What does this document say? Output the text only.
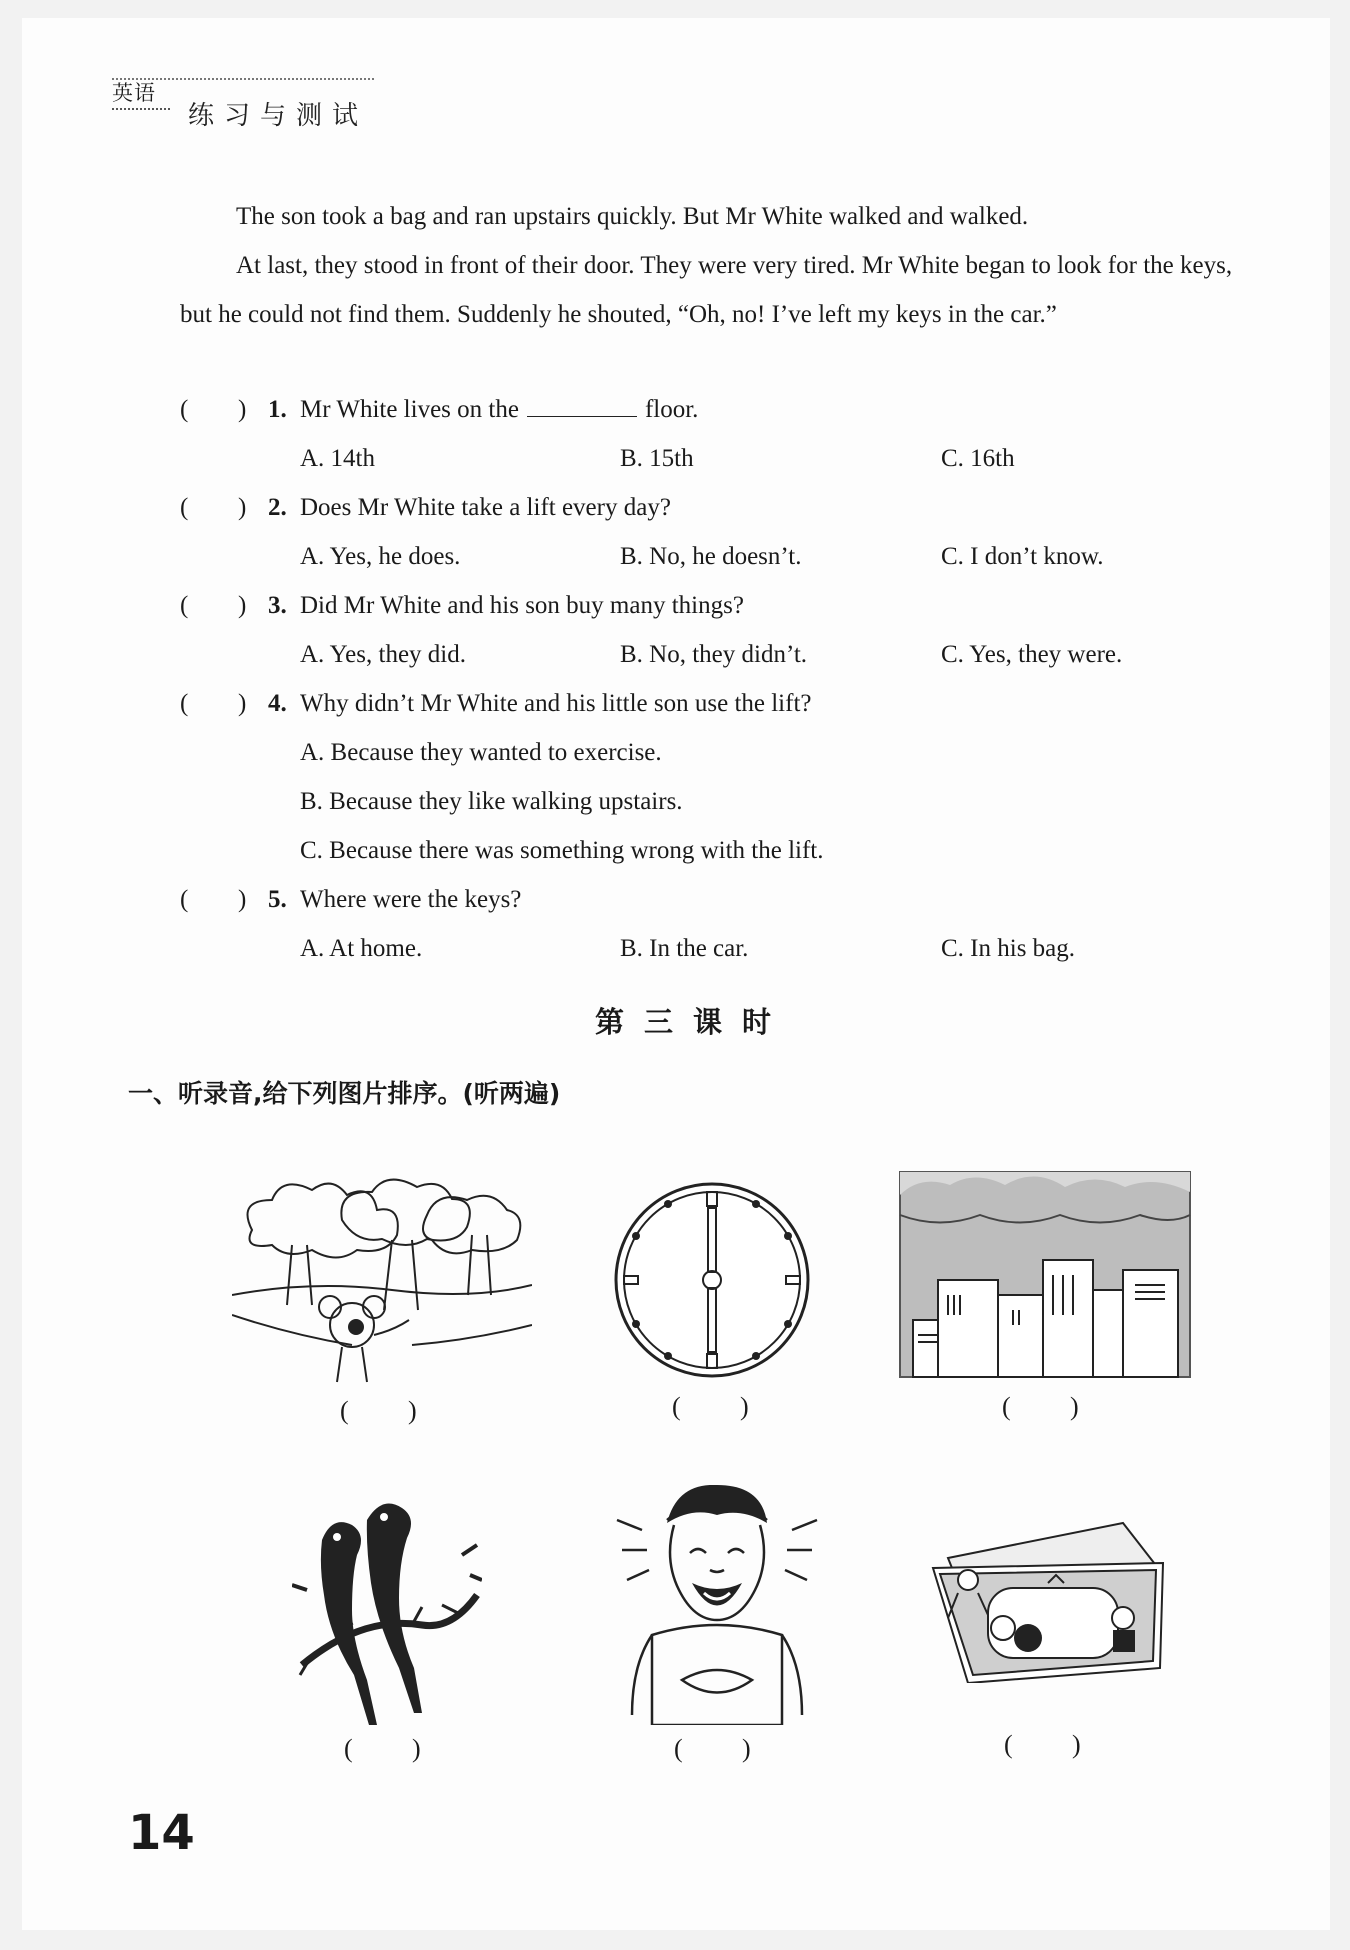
英语
练习与测试

The son took a bag and ran upstairs quickly. But Mr White walked and walked.

At last, they stood in front of their door. They were very tired. Mr White began to look for the keys, but he could not find them. Suddenly he shouted, “Oh, no! I’ve left my keys in the car.”

( ) 1. Mr White lives on the	floor.
A. 14th	B. 15th	C. 16th
( ) 2. Does Mr White take a lift every day?
A. Yes, he does.	B. No, he doesn’t.	C. I don’t know.
( ) 3. Did Mr White and his son buy many things?
A. Yes, they did.	B. No, they didn’t.	C. Yes, they were.
( ) 4. Why didn’t Mr White and his little son use the lift?
A. Because they wanted to exercise.
B. Because they like walking upstairs.
C. Because there was something wrong with the lift.
( ) 5. Where were the keys?
A. At home.	B. In the car.	C. In his bag.
第三课时
一、听录音,给下列图片排序。(听两遍)
( )	( )	( )
( )	( )	( )
14
